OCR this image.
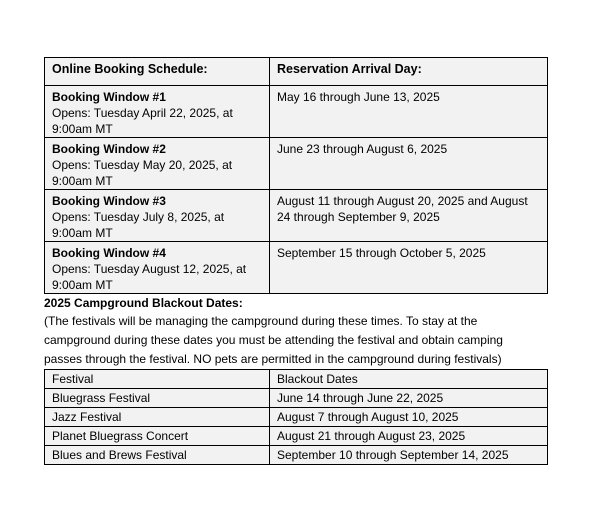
Online Booking Schedule:	Reservation Arrival Day:

Booking Window #1
Opens: Tuesday April 22, 2025, at 9:00am MT	May 16 through June 13, 2025

Booking Window #2
Opens: Tuesday May 20, 2025, at 9:00am MT	June 23 through August 6, 2025

Booking Window #3
Opens: Tuesday July 8, 2025, at 9:00am MT	August 11 through August 20, 2025 and August 24 through September 9, 2025

Booking Window #4
Opens: Tuesday August 12, 2025, at 9:00am MT	September 15 through October 5, 2025
2025 Campground Blackout Dates:

(The festivals will be managing the campground during these times. To stay at the campground during these dates you must be attending the festival and obtain camping passes through the festival. NO pets are permitted in the campground during festivals)

Festival	Blackout Dates
Bluegrass Festival	June 14 through June 22, 2025
Jazz Festival	August 7 through August 10, 2025
Planet Bluegrass Concert	August 21 through August 23, 2025
Blues and Brews Festival	September 10 through September 14, 2025
